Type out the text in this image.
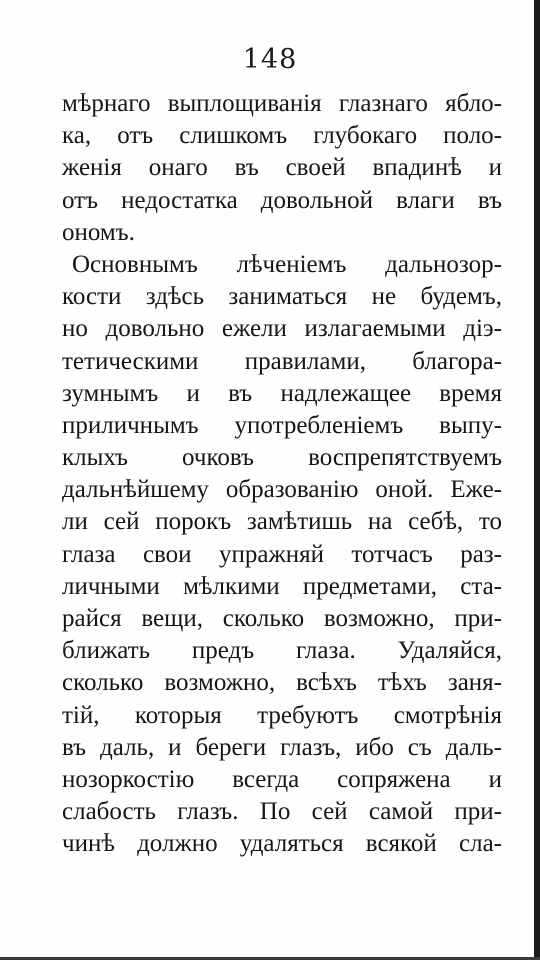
148
мѣрнаго выплощиванія глазнаго ябло-
ка, отъ слишкомъ глубокаго поло-
женія онаго въ своей впадинѣ и
отъ недостатка довольной влаги въ
ономъ.
Основнымъ лѣченіемъ дальнозор-
кости здѣсь заниматься не будемъ,
но довольно ежели излагаемыми діэ-
тетическими правилами, благора-
зумнымъ и въ надлежащее время
приличнымъ употребленіемъ выпу-
клыхъ очковъ воспрепятствуемъ
дальнѣйшему образованію оной. Еже-
ли сей порокъ замѣтишь на себѣ, то
глаза свои упражняй тотчасъ раз-
личными мѣлкими предметами, ста-
райся вещи, сколько возможно, при-
ближать предъ глаза. Удаляйся,
сколько возможно, всѣхъ тѣхъ заня-
тій, которыя требуютъ смотрѣнія
въ даль, и береги глазъ, ибо съ даль-
нозоркостію всегда сопряжена и
слабость глазъ. По сей самой при-
чинѣ должно удаляться всякой сла-
